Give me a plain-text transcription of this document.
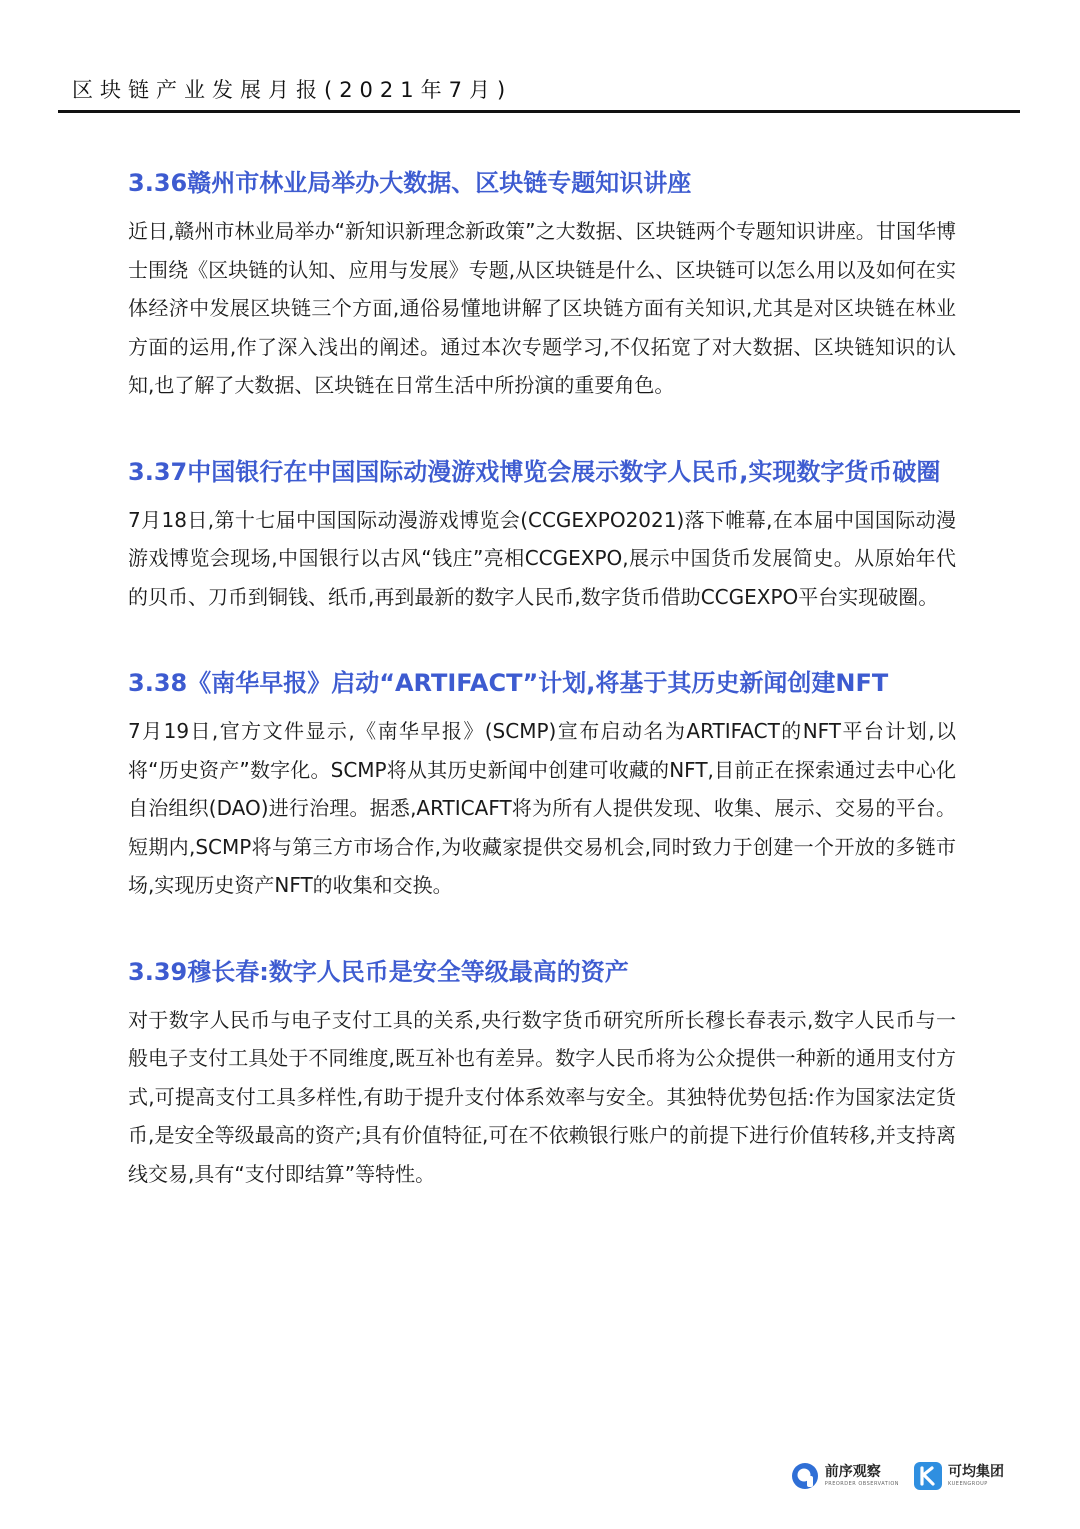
区块链产业发展月报(2021年7月)
3.36赣州市林业局举办大数据、区块链专题知识讲座

近日,赣州市林业局举办“新知识新理念新政策”之大数据、区块链两个专题知识讲座。甘国华博士围绕《区块链的认知、应用与发展》专题,从区块链是什么、区块链可以怎么用以及如何在实体经济中发展区块链三个方面,通俗易懂地讲解了区块链方面有关知识,尤其是对区块链在林业方面的运用,作了深入浅出的阐述。通过本次专题学习,不仅拓宽了对大数据、区块链知识的认知,也了解了大数据、区块链在日常生活中所扮演的重要角色。

3.37中国银行在中国国际动漫游戏博览会展示数字人民币,实现数字货币破圈

7月18日,第十七届中国国际动漫游戏博览会(CCGEXPO2021)落下帷幕,在本届中国国际动漫游戏博览会现场,中国银行以古风“钱庄”亮相CCGEXPO,展示中国货币发展简史。从原始年代的贝币、刀币到铜钱、纸币,再到最新的数字人民币,数字货币借助CCGEXPO平台实现破圈。

3.38《南华早报》启动“ARTIFACT”计划,将基于其历史新闻创建NFT

7月19日,官方文件显示,《南华早报》(SCMP)宣布启动名为ARTIFACT的NFT平台计划,以将“历史资产”数字化。SCMP将从其历史新闻中创建可收藏的NFT,目前正在探索通过去中心化自治组织(DAO)进行治理。据悉,ARTICAFT将为所有人提供发现、收集、展示、交易的平台。短期内,SCMP将与第三方市场合作,为收藏家提供交易机会,同时致力于创建一个开放的多链市场,实现历史资产NFT的收集和交换。

3.39穆长春:数字人民币是安全等级最高的资产

对于数字人民币与电子支付工具的关系,央行数字货币研究所所长穆长春表示,数字人民币与一般电子支付工具处于不同维度,既互补也有差异。数字人民币将为公众提供一种新的通用支付方式,可提高支付工具多样性,有助于提升支付体系效率与安全。其独特优势包括:作为国家法定货币,是安全等级最高的资产;具有价值特征,可在不依赖银行账户的前提下进行价值转移,并支持离线交易,具有“支付即结算”等特性。

前序观察
PREORDER OBSERVATION
可均集团
KUEENGROUP
